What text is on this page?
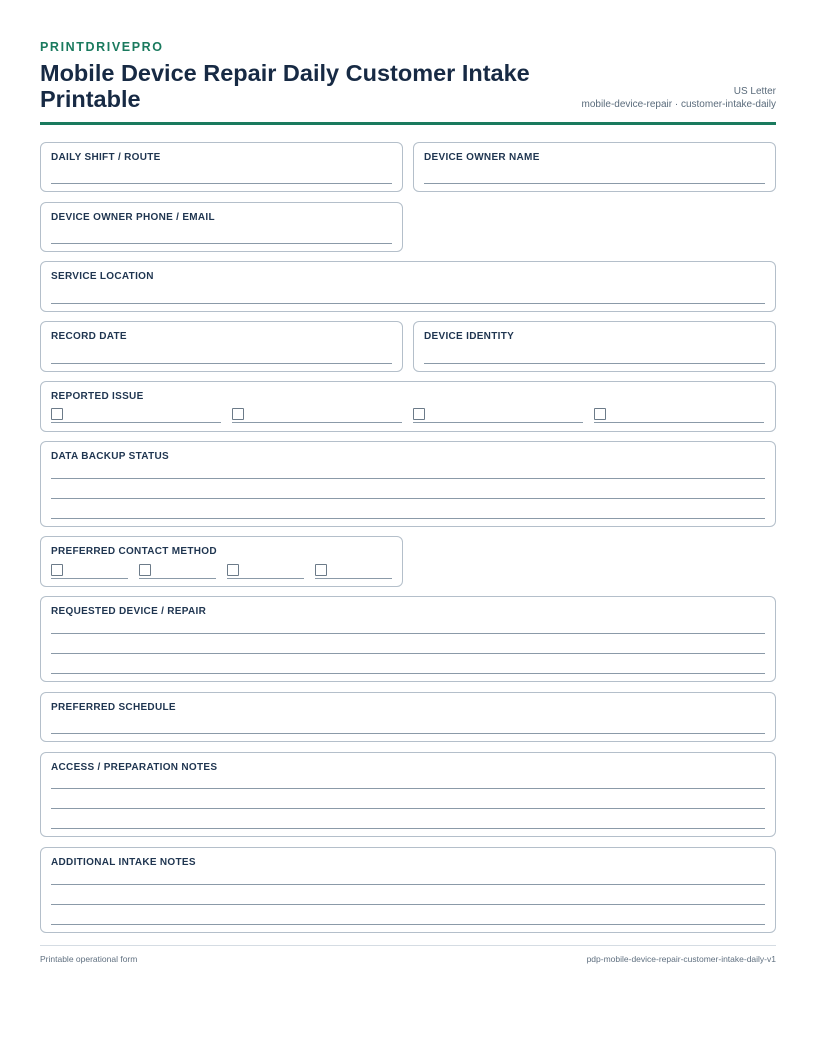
PRINTDRIVEPRO
Mobile Device Repair Daily Customer Intake Printable	US Letter
mobile-device-repair · customer-intake-daily
DAILY SHIFT / ROUTE	DEVICE OWNER NAME
DEVICE OWNER PHONE / EMAIL
SERVICE LOCATION
RECORD DATE	DEVICE IDENTITY
REPORTED ISSUE
DATA BACKUP STATUS
PREFERRED CONTACT METHOD
REQUESTED DEVICE / REPAIR
PREFERRED SCHEDULE
ACCESS / PREPARATION NOTES
ADDITIONAL INTAKE NOTES
Printable operational form	pdp-mobile-device-repair-customer-intake-daily-v1
